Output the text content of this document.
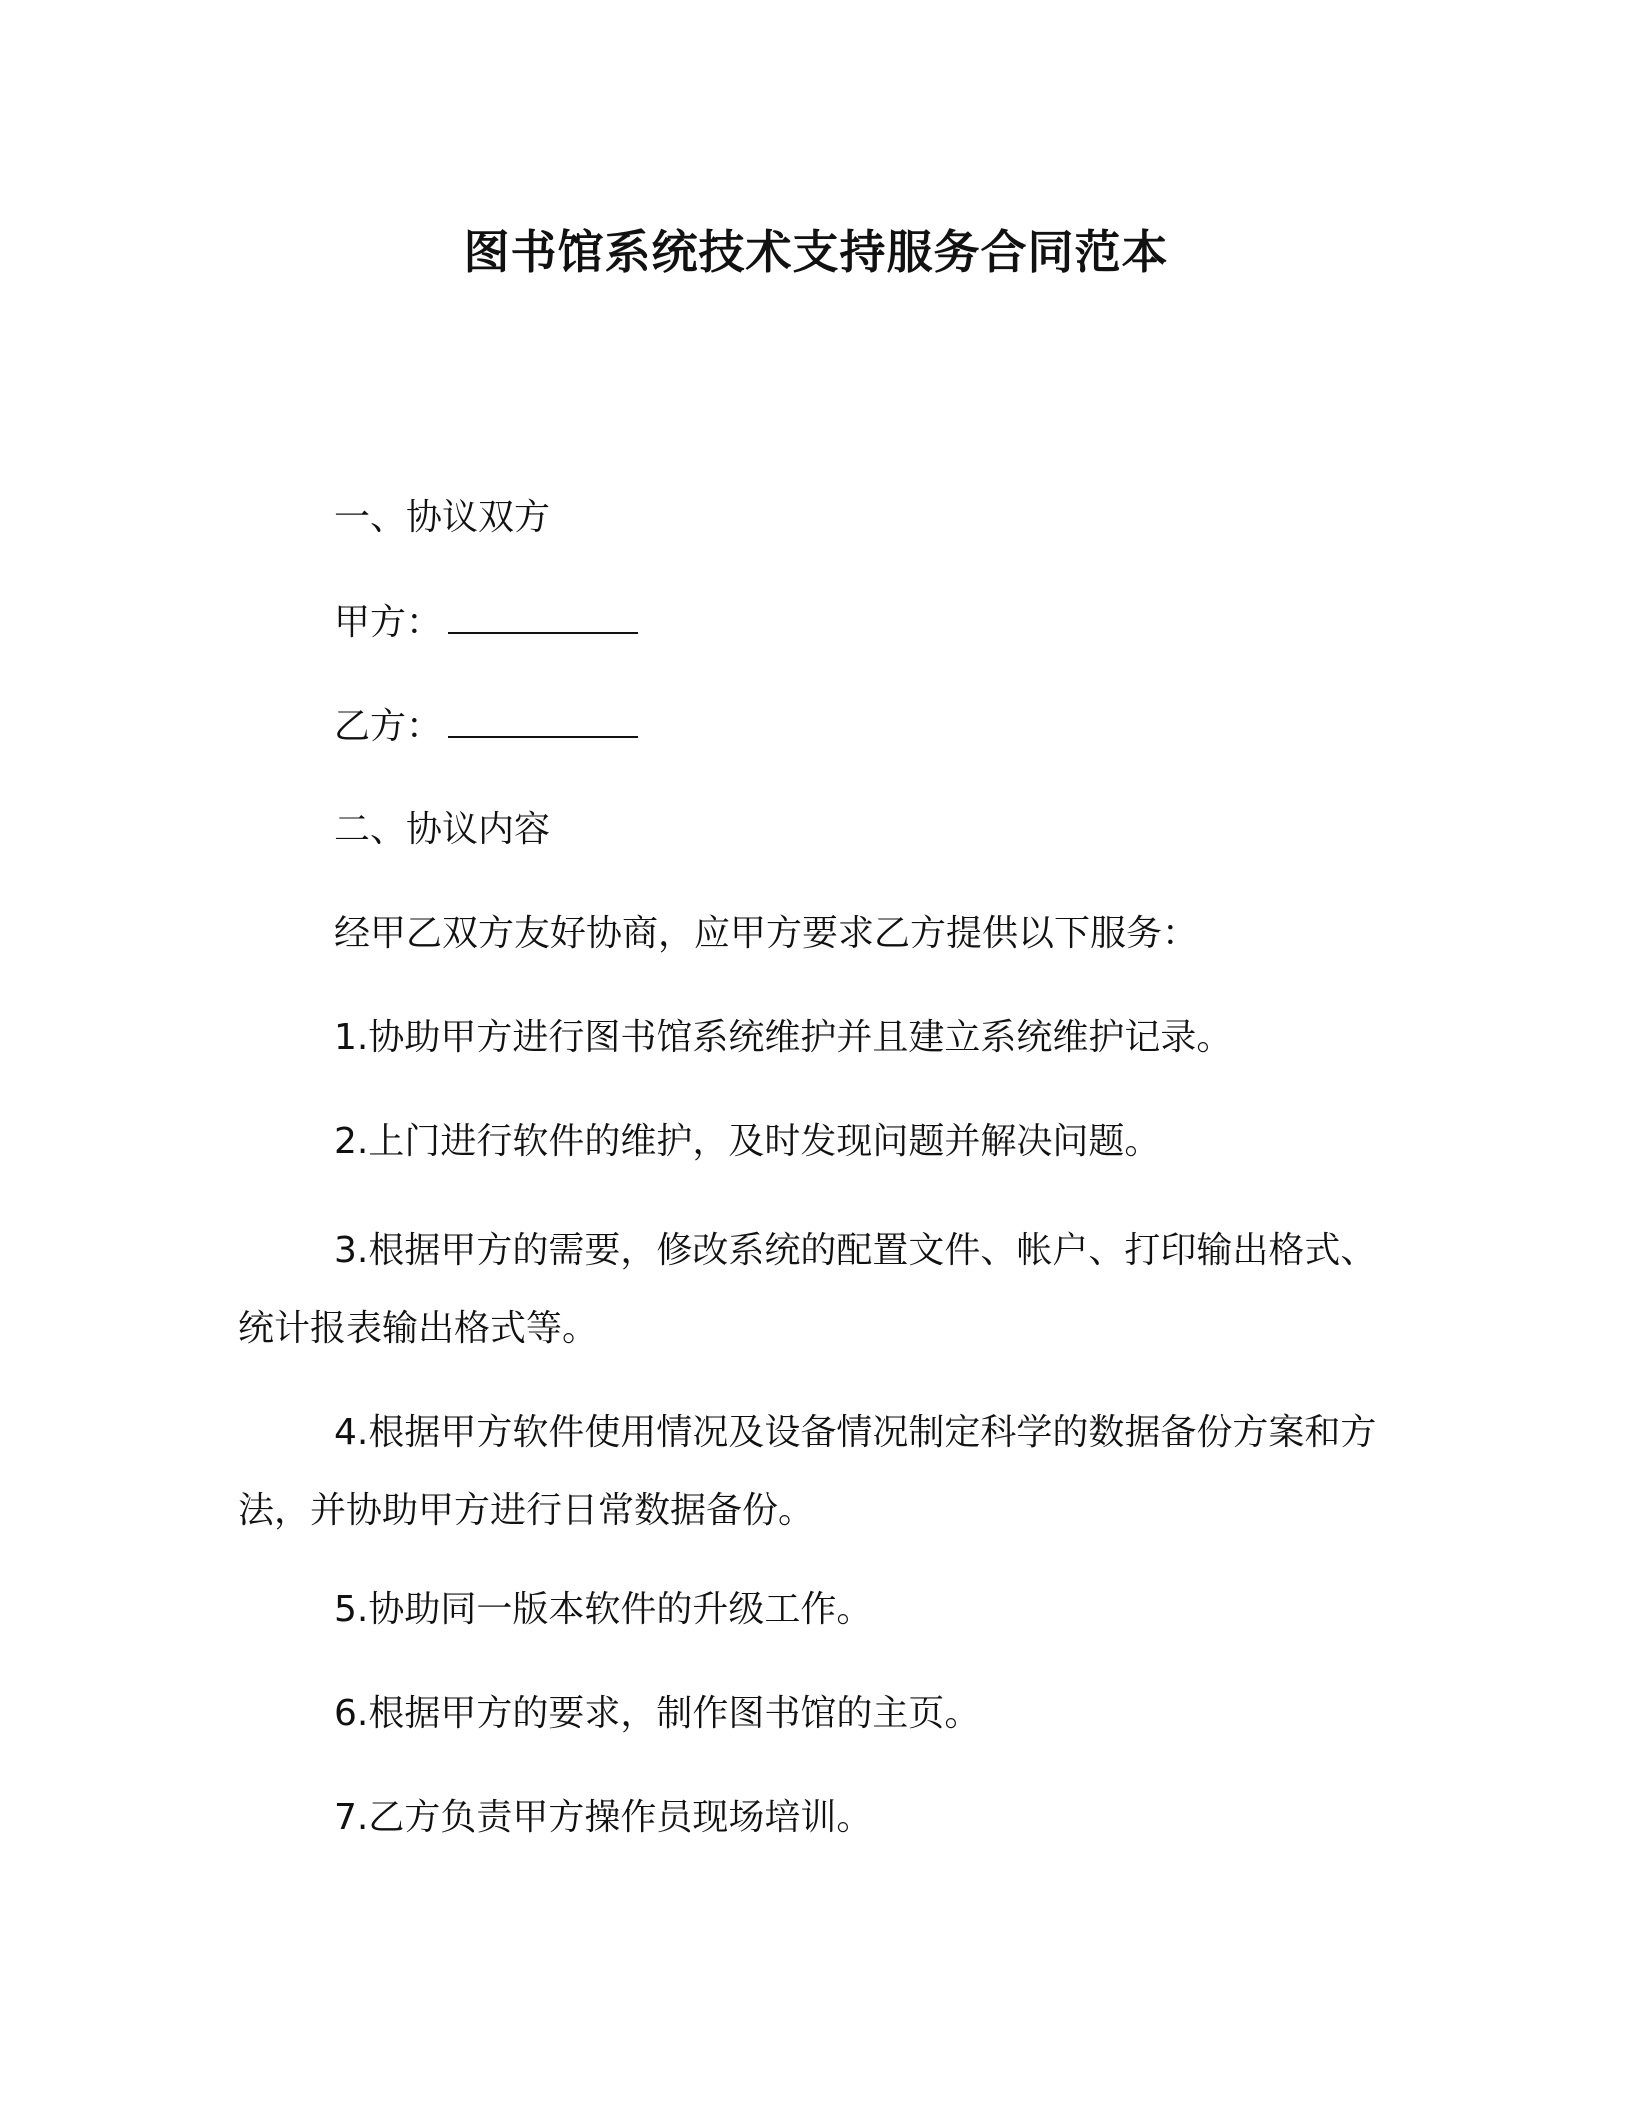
图书馆系统技术支持服务合同范本
一、协议双方
甲方：
乙方：
二、协议内容
经甲乙双方友好协商，应甲方要求乙方提供以下服务：
1.协助甲方进行图书馆系统维护并且建立系统维护记录。
2.上门进行软件的维护，及时发现问题并解决问题。
3.根据甲方的需要，修改系统的配置文件、帐户、打印输出格式、统计报表输出格式等。
4.根据甲方软件使用情况及设备情况制定科学的数据备份方案和方法，并协助甲方进行日常数据备份。
5.协助同一版本软件的升级工作。
6.根据甲方的要求，制作图书馆的主页。
7.乙方负责甲方操作员现场培训。
